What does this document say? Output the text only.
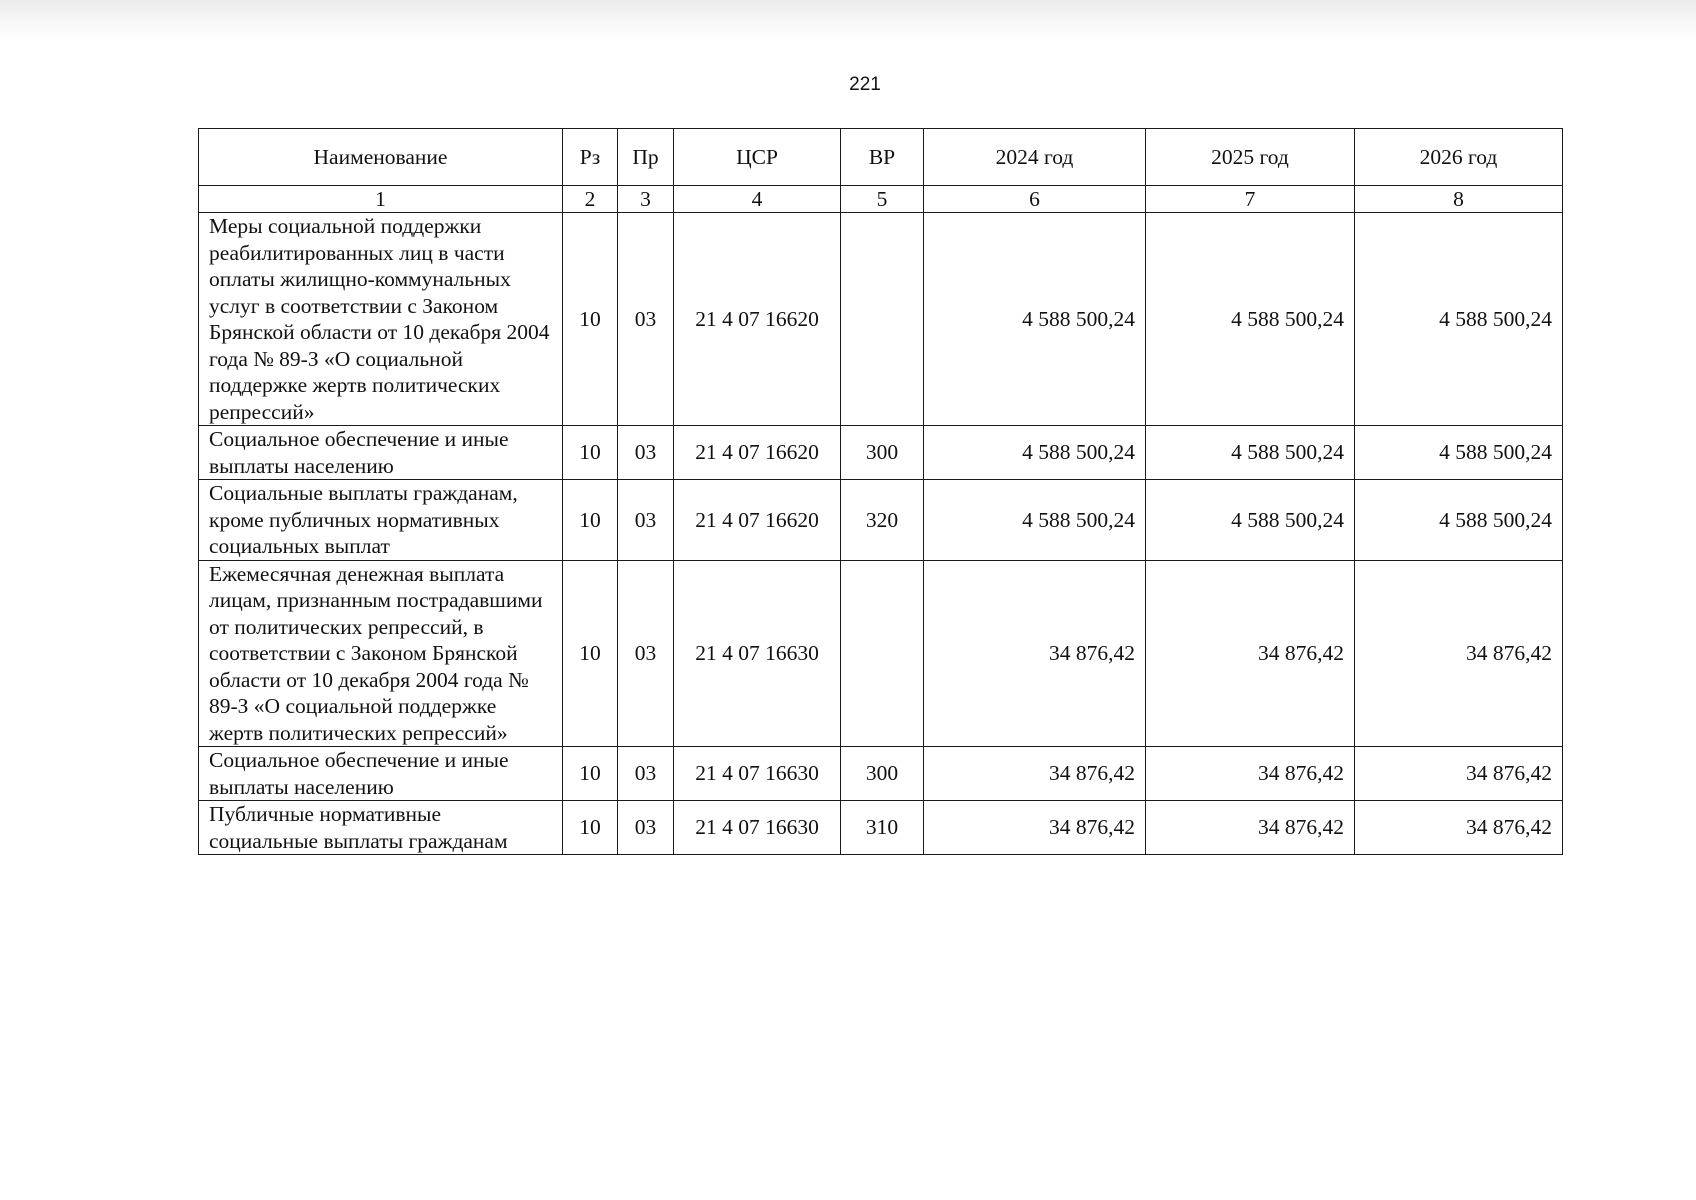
221
Наименование	Рз	Пр	ЦСР	ВР	2024 год	2025 год	2026 год
1	2	3	4	5	6	7	8
Меры социальной поддержки реабилитированных лиц в части оплаты жилищно-коммунальных услуг в соответствии с Законом Брянской области от 10 декабря 2004 года № 89-З «О социальной поддержке жертв политических репрессий»	10	03	21 4 07 16620		4 588 500,24	4 588 500,24	4 588 500,24
Социальное обеспечение и иные выплаты населению	10	03	21 4 07 16620	300	4 588 500,24	4 588 500,24	4 588 500,24
Социальные выплаты гражданам, кроме публичных нормативных социальных выплат	10	03	21 4 07 16620	320	4 588 500,24	4 588 500,24	4 588 500,24
Ежемесячная денежная выплата лицам, признанным пострадавшими от политических репрессий, в соответствии с Законом Брянской области от 10 декабря 2004 года № 89-З «О социальной поддержке жертв политических репрессий»	10	03	21 4 07 16630		34 876,42	34 876,42	34 876,42
Социальное обеспечение и иные выплаты населению	10	03	21 4 07 16630	300	34 876,42	34 876,42	34 876,42
Публичные нормативные социальные выплаты гражданам	10	03	21 4 07 16630	310	34 876,42	34 876,42	34 876,42
